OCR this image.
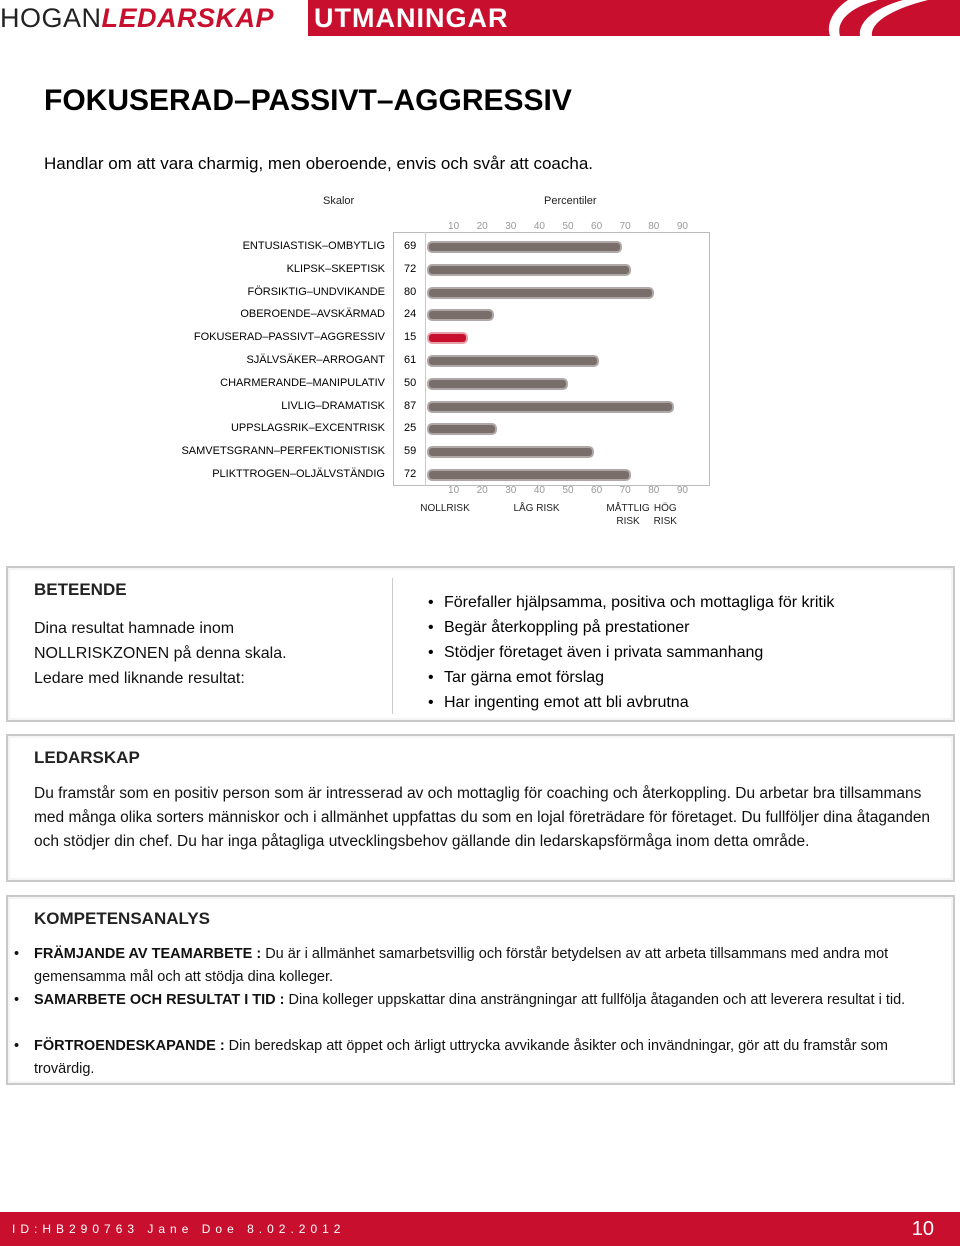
HOGANLEDARSKAP UTMANINGAR
FOKUSERAD–PASSIVT–AGGRESSIV
Handlar om att vara charmig, men oberoende, envis och svår att coacha.
Skalor	Percentiler
10
10
20
20
30
30
40
40
50
50
60
60
70
70
80
80
90
90
ENTUSIASTISK–OMBYTLIG 69
KLIPSK–SKEPTISK 72
FÖRSIKTIG–UNDVIKANDE 80
OBEROENDE–AVSKÄRMAD 24
FOKUSERAD–PASSIVT–AGGRESSIV 15
SJÄLVSÄKER–ARROGANT 61
CHARMERANDE–MANIPULATIV 50
LIVLIG–DRAMATISK 87
UPPSLAGSRIK–EXCENTRISK 25
SAMVETSGRANN–PERFEKTIONISTISK 59
PLIKTTROGEN–OLJÄLVSTÄNDIG 72
NOLLRISK	LÅG RISK	MÅTTLIG RISK
HÖG RISK
BETEENDE
Dina resultat hamnade inom NOLLRISKZONEN på denna skala. Ledare med liknande resultat:
• Förefaller hjälpsamma, positiva och mottagliga för kritik
• Begär återkoppling på prestationer
• Stödjer företaget även i privata sammanhang
• Tar gärna emot förslag
• Har ingenting emot att bli avbrutna
LEDARSKAP
Du framstår som en positiv person som är intresserad av och mottaglig för coaching och återkoppling. Du arbetar bra tillsammans med många olika sorters människor och i allmänhet uppfattas du som en lojal företrädare för företaget. Du fullföljer dina åtaganden och stödjer din chef. Du har inga påtagliga utvecklingsbehov gällande din ledarskapsförmåga inom detta område.
KOMPETENSANALYS
• FRÄMJANDE AV TEAMARBETE : Du är i allmänhet samarbetsvillig och förstår betydelsen av att arbeta tillsammans med andra mot gemensamma mål och att stödja dina kolleger.
• SAMARBETE OCH RESULTAT I TID : Dina kolleger uppskattar dina ansträngningar att fullfölja åtaganden och att leverera resultat i tid.
• FÖRTROENDESKAPANDE : Din beredskap att öppet och ärligt uttrycka avvikande åsikter och invändningar, gör att du framstår som trovärdig.
ID:HB290763 Jane Doe 8.02.2012	10
